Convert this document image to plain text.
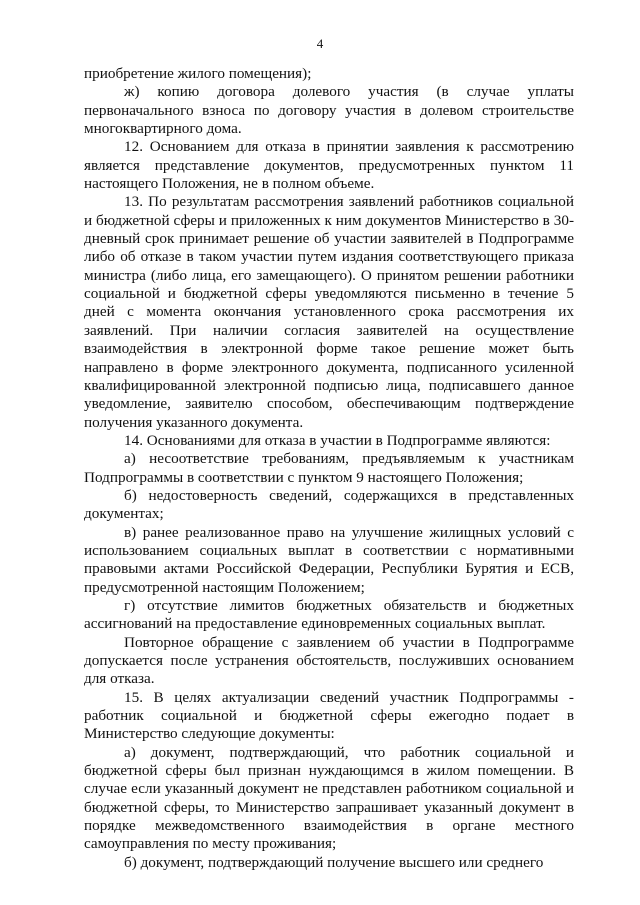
4

приобретение жилого помещения);

ж) копию договора долевого участия (в случае уплаты первоначального взноса по договору участия в долевом строительстве многоквартирного дома.

12. Основанием для отказа в принятии заявления к рассмотрению является представление документов, предусмотренных пунктом 11 настоящего Положения, не в полном объеме.

13. По результатам рассмотрения заявлений работников социальной и бюджетной сферы и приложенных к ним документов Министерство в 30-дневный срок принимает решение об участии заявителей в Подпрограмме либо об отказе в таком участии путем издания соответствующего приказа министра (либо лица, его замещающего). О принятом решении работники социальной и бюджетной сферы уведомляются письменно в течение 5 дней с момента окончания установленного срока рассмотрения их заявлений. При наличии согласия заявителей на осуществление взаимодействия в электронной форме такое решение может быть направлено в форме электронного документа, подписанного усиленной квалифицированной электронной подписью лица, подписавшего данное уведомление, заявителю способом, обеспечивающим подтверждение получения указанного документа.

14. Основаниями для отказа в участии в Подпрограмме являются:

а) несоответствие требованиям, предъявляемым к участникам Подпрограммы в соответствии с пунктом 9 настоящего Положения;

б) недостоверность сведений, содержащихся в представленных документах;

в) ранее реализованное право на улучшение жилищных условий с использованием социальных выплат в соответствии с нормативными правовыми актами Российской Федерации, Республики Бурятия и ЕСВ, предусмотренной настоящим Положением;

г) отсутствие лимитов бюджетных обязательств и бюджетных ассигнований на предоставление единовременных социальных выплат.

Повторное обращение с заявлением об участии в Подпрограмме допускается после устранения обстоятельств, послуживших основанием для отказа.

15. В целях актуализации сведений участник Подпрограммы - работник социальной и бюджетной сферы ежегодно подает в Министерство следующие документы:

а) документ, подтверждающий, что работник социальной и бюджетной сферы был признан нуждающимся в жилом помещении. В случае если указанный документ не представлен работником социальной и бюджетной сферы, то Министерство запрашивает указанный документ в порядке межведомственного взаимодействия в органе местного самоуправления по месту проживания;

б) документ, подтверждающий получение высшего или среднего
